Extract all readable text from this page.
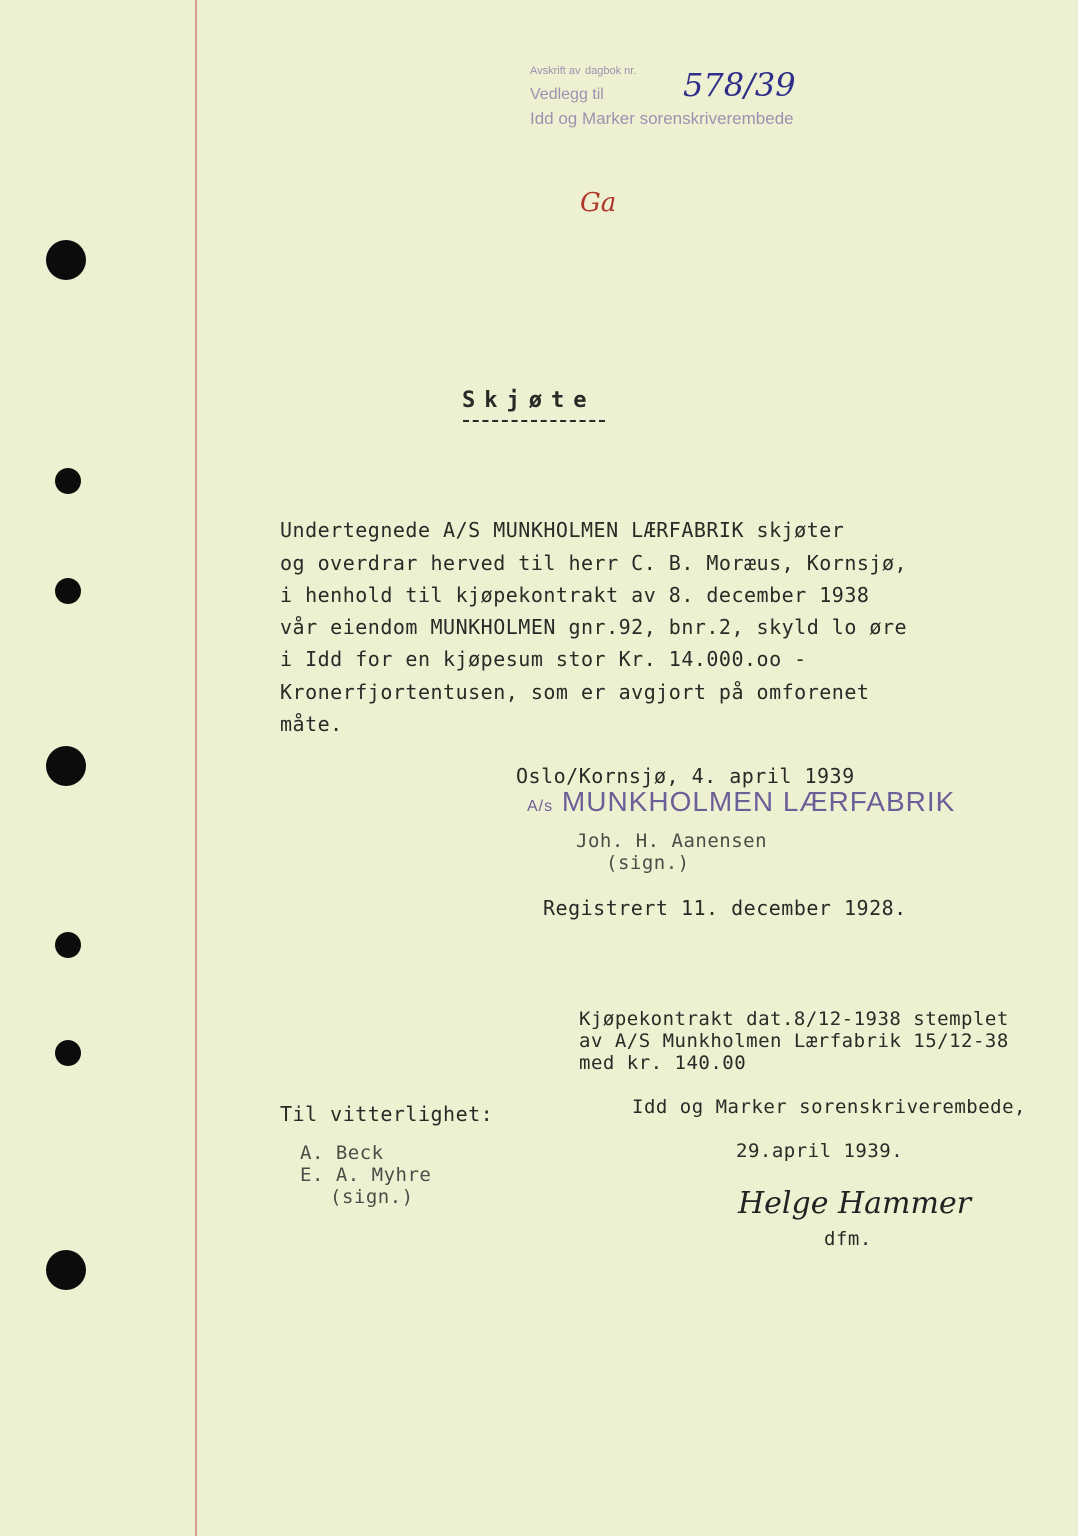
Avskrift av dagbok nr.
Vedlegg til
Idd og Marker sorenskriverembede
578/39
Ga
Skjøte
Undertegnede A/S MUNKHOLMEN LÆRFABRIK skjøter
og overdrar herved til herr C. B. Moræus, Kornsjø,
i henhold til kjøpekontrakt av 8. december 1938
vår eiendom MUNKHOLMEN gnr.92, bnr.2, skyld lo øre
i Idd for en kjøpesum stor Kr. 14.000.oo -
Kronerfjortentusen, som er avgjort på omforenet
måte.
Oslo/Kornsjø, 4. april 1939
A/s MUNKHOLMEN LÆRFABRIK
Joh. H. Aanensen
(sign.)
Registrert 11. december 1928.
Kjøpekontrakt dat.8/12-1938 stemplet
av A/S Munkholmen Lærfabrik 15/12-38
med kr. 140.00
Til vitterlighet:
A. Beck
E. A. Myhre
(sign.)
Idd og Marker sorenskriverembede,
29.april 1939.
Helge Hammer
dfm.
